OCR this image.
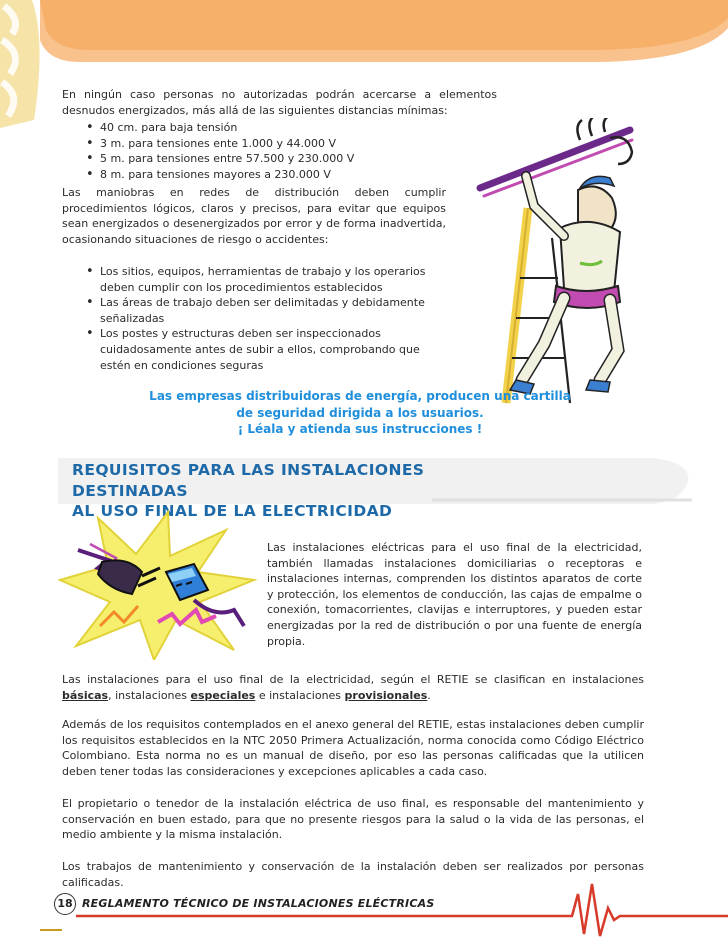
En ningún caso personas no autorizadas podrán acercarse a elementos desnudos energizados, más allá de las siguientes distancias mínimas:

• 40 cm. para baja tensión
• 3 m. para tensiones ente 1.000 y 44.000 V
• 5 m. para tensiones entre 57.500 y 230.000 V
• 8 m. para tensiones mayores a 230.000 V

Las maniobras en redes de distribución deben cumplir procedimientos lógicos, claros y precisos, para evitar que equipos sean energizados o desenergizados por error y de forma inadvertida, ocasionando situaciones de riesgo o accidentes:

• Los sitios, equipos, herramientas de trabajo y los operarios deben cumplir con los procedimientos establecidos
• Las áreas de trabajo deben ser delimitadas y debidamente señalizadas
• Los postes y estructuras deben ser inspeccionados cuidadosamente antes de subir a ellos, comprobando que estén en condiciones seguras
Las empresas distribuidoras de energía, producen una cartilla
de seguridad dirigida a los usuarios.
¡ Léala y atienda sus instrucciones !
REQUISITOS PARA LAS INSTALACIONES DESTINADAS
AL USO FINAL DE LA ELECTRICIDAD

Las instalaciones eléctricas para el uso final de la electricidad, también llamadas instalaciones domiciliarias o receptoras e instalaciones internas, comprenden los distintos aparatos de corte y protección, los elementos de conducción, las cajas de empalme o conexión, tomacorrientes, clavijas e interruptores, y pueden estar energizadas por la red de distribución o por una fuente de energía propia.

Las instalaciones para el uso final de la electricidad, según el RETIE se clasifican en instalaciones básicas, instalaciones especiales e instalaciones provisionales.

Además de los requisitos contemplados en el anexo general del RETIE, estas instalaciones deben cumplir los requisitos establecidos en la NTC 2050 Primera Actualización, norma conocida como Código Eléctrico Colombiano. Esta norma no es un manual de diseño, por eso las personas calificadas que la utilicen deben tener todas las consideraciones y excepciones aplicables a cada caso.

El propietario o tenedor de la instalación eléctrica de uso final, es responsable del mantenimiento y conservación en buen estado, para que no presente riesgos para la salud o la vida de las personas, el medio ambiente y la misma instalación.

Los trabajos de mantenimiento y conservación de la instalación deben ser realizados por personas calificadas.

18 REGLAMENTO TÉCNICO DE INSTALACIONES ELÉCTRICAS
